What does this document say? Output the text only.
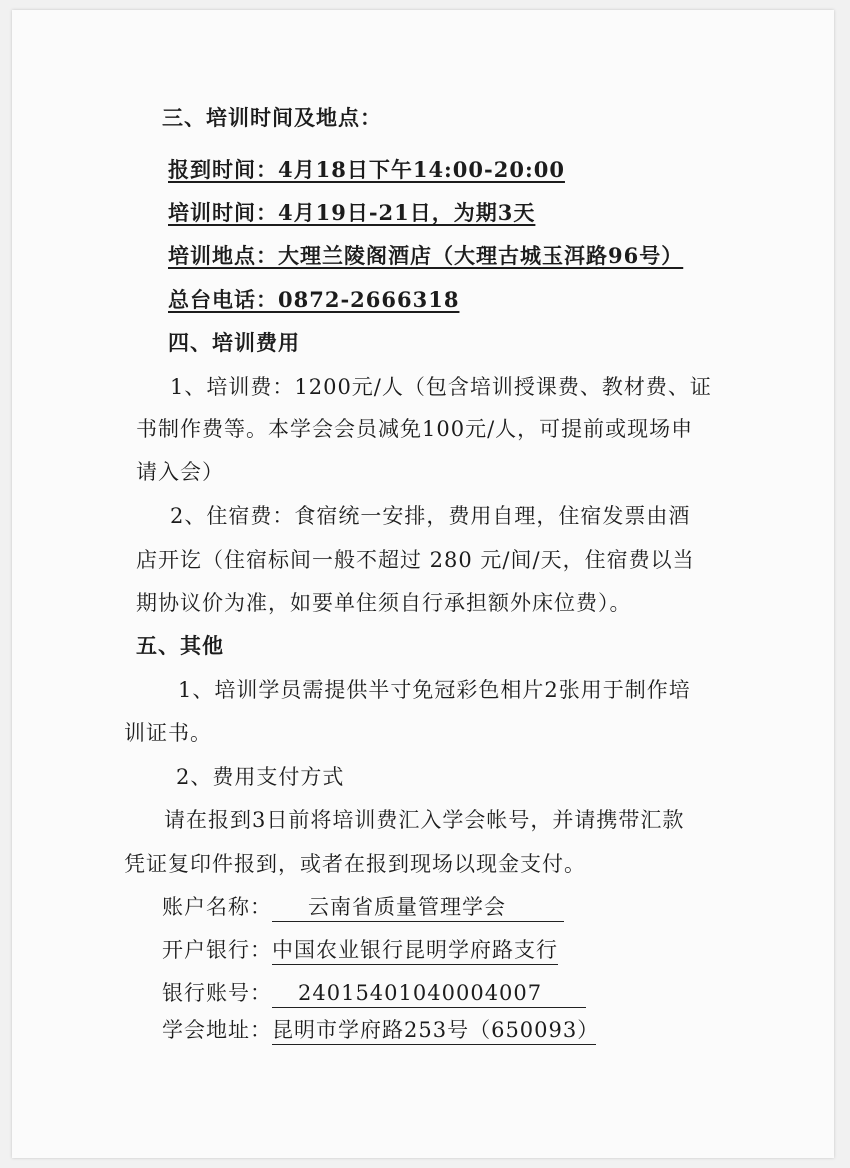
三、培训时间及地点：
报到时间：4月18日下午14:00-20:00
培训时间：4月19日-21日，为期3天
培训地点：大理兰陵阁酒店（大理古城玉洱路96号）
总台电话：0872-2666318
四、培训费用
1、培训费：1200元/人（包含培训授课费、教材费、证
书制作费等。本学会会员减免100元/人，可提前或现场申
请入会）
2、住宿费：食宿统一安排，费用自理，住宿发票由酒
店开讫（住宿标间一般不超过 280 元/间/天，住宿费以当
期协议价为准，如要单住须自行承担额外床位费）。
五、其他
1、培训学员需提供半寸免冠彩色相片2张用于制作培
训证书。
2、费用支付方式
请在报到3日前将培训费汇入学会帐号，并请携带汇款
凭证复印件报到，或者在报到现场以现金支付。
账户名称： 云南省质量管理学会
开户银行：中国农业银行昆明学府路支行
银行账号： 24015401040004007
学会地址：昆明市学府路253号（650093）
